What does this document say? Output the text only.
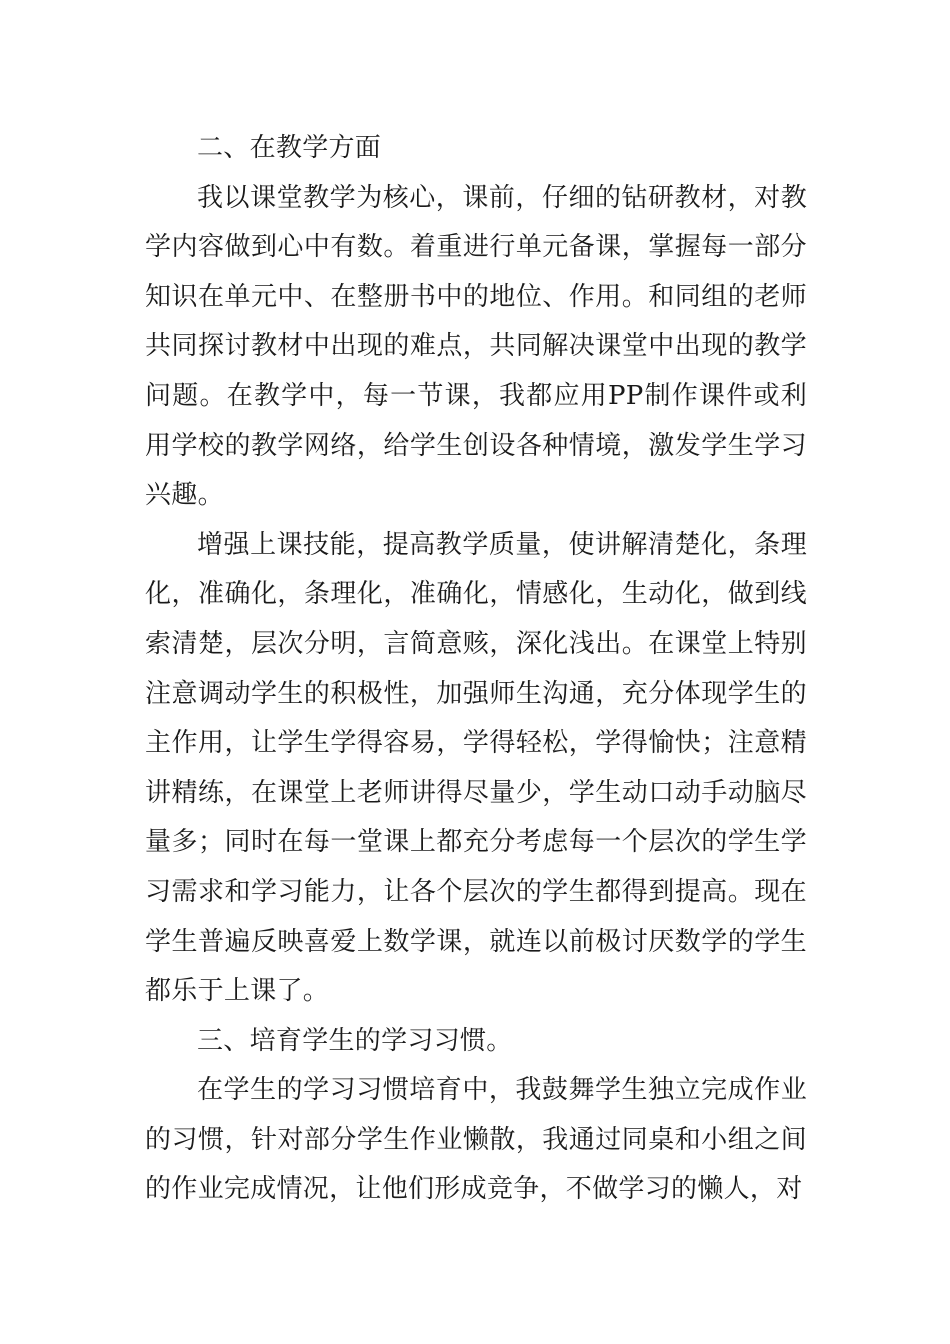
二、在教学方面

我以课堂教学为核心，课前，仔细的钻研教材，对教学内容做到心中有数。着重进行单元备课，掌握每一部分知识在单元中、在整册书中的地位、作用。和同组的老师共同探讨教材中出现的难点，共同解决课堂中出现的教学问题。在教学中，每一节课，我都应用PP制作课件或利用学校的教学网络，给学生创设各种情境，激发学生学习兴趣。

增强上课技能，提高教学质量，使讲解清楚化，条理化，准确化，条理化，准确化，情感化，生动化，做到线索清楚，层次分明，言简意赅，深化浅出。在课堂上特别注意调动学生的积极性，加强师生沟通，充分体现学生的主作用，让学生学得容易，学得轻松，学得愉快；注意精讲精练，在课堂上老师讲得尽量少，学生动口动手动脑尽量多；同时在每一堂课上都充分考虑每一个层次的学生学习需求和学习能力，让各个层次的学生都得到提高。现在学生普遍反映喜爱上数学课，就连以前极讨厌数学的学生都乐于上课了。

三、培育学生的学习习惯。

在学生的学习习惯培育中，我鼓舞学生独立完成作业的习惯，针对部分学生作业懒散，我通过同桌和小组之间的作业完成情况，让他们形成竞争，不做学习的懒人，对
